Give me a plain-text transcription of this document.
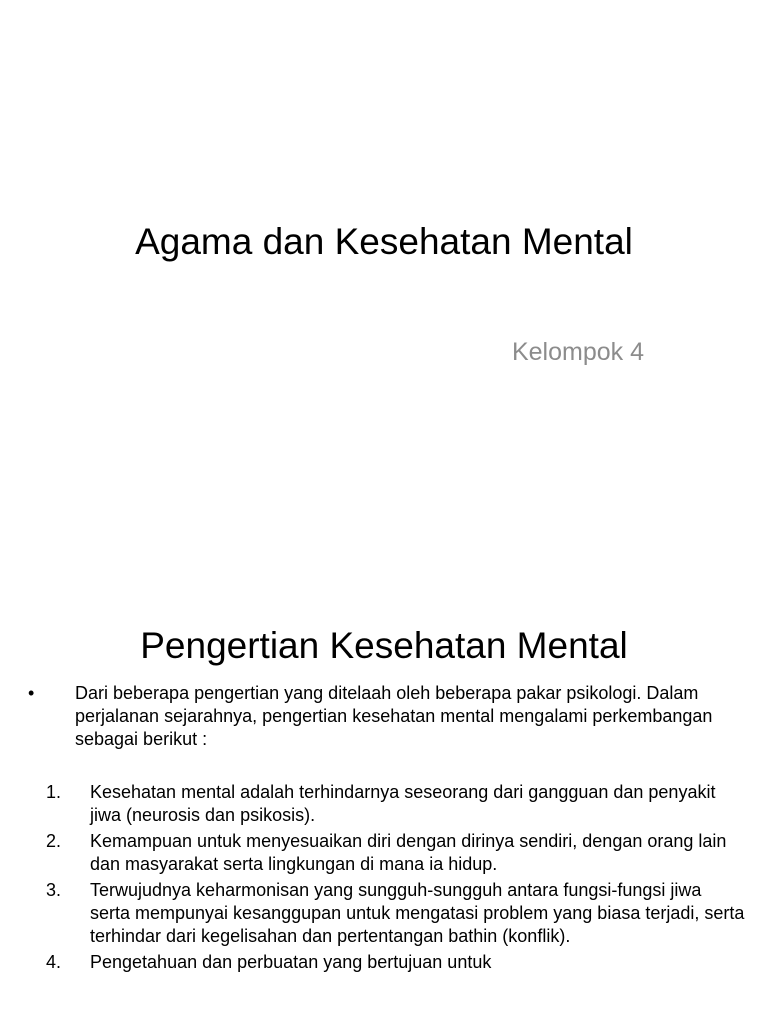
Agama dan Kesehatan Mental
Kelompok 4
Pengertian Kesehatan Mental
•	Dari beberapa pengertian yang ditelaah oleh beberapa pakar psikologi. Dalam perjalanan sejarahnya, pengertian kesehatan mental mengalami perkembangan sebagai berikut :
1.	Kesehatan mental adalah terhindarnya seseorang dari gangguan dan penyakit jiwa (neurosis dan psikosis).
2.	Kemampuan untuk menyesuaikan diri dengan dirinya sendiri, dengan orang lain dan masyarakat serta lingkungan di mana ia hidup.
3.	Terwujudnya keharmonisan yang sungguh-sungguh antara fungsi-fungsi jiwa serta mempunyai kesanggupan untuk mengatasi problem yang biasa terjadi, serta terhindar dari kegelisahan dan pertentangan bathin (konflik).
4.	Pengetahuan dan perbuatan yang bertujuan untuk
